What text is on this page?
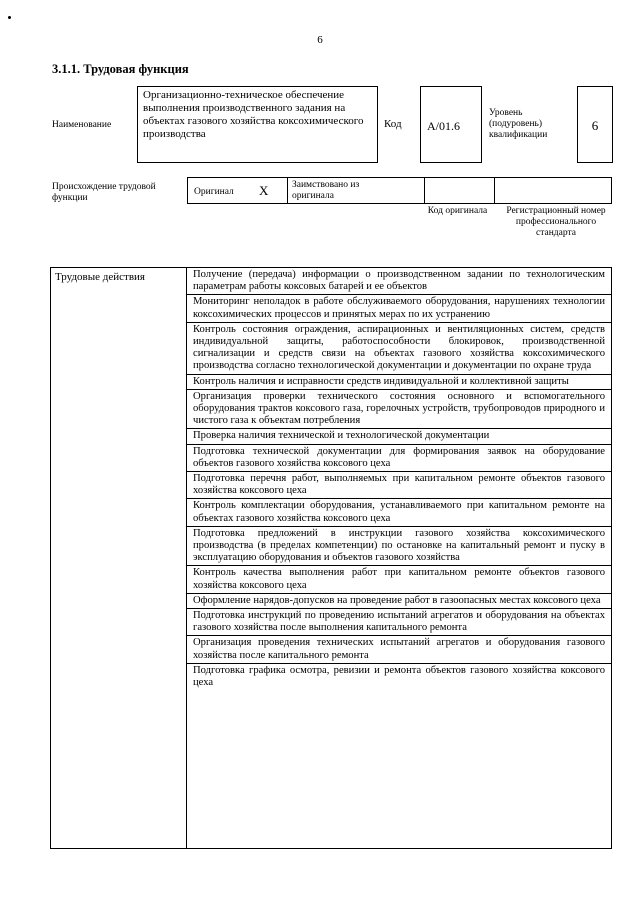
6
3.1.1. Трудовая функция
Наименование
Организационно-техническое обеспечение выполнения производственного задания на объектах газового хозяйства коксохимического производства
Код А/01.6
Уровень (подуровень) квалификации
6
Происхождение трудовой функции
Оригинал Х Заимствовано из оригинала
Код оригинала	Регистрационный номер профессионального стандарта
Трудовые действия	Получение (передача) информации о производственном задании по технологическим параметрам работы коксовых батарей и ее объектов
Мониторинг неполадок в работе обслуживаемого оборудования, нарушениях технологии коксохимических процессов и принятых мерах по их устранению
Контроль состояния ограждения, аспирационных и вентиляционных систем, средств индивидуальной защиты, работоспособности блокировок, производственной сигнализации и средств связи на объектах газового хозяйства коксохимического производства согласно технологической документации и документации по охране труда
Контроль наличия и исправности средств индивидуальной и коллективной защиты
Организация проверки технического состояния основного и вспомогательного оборудования трактов коксового газа, горелочных устройств, трубопроводов природного и чистого газа к объектам потребления
Проверка наличия технической и технологической документации
Подготовка технической документации для формирования заявок на оборудование объектов газового хозяйства коксового цеха
Подготовка перечня работ, выполняемых при капитальном ремонте объектов газового хозяйства коксового цеха
Контроль комплектации оборудования, устанавливаемого при капитальном ремонте на объектах газового хозяйства коксового цеха
Подготовка предложений в инструкции газового хозяйства коксохимического производства (в пределах компетенции) по остановке на капитальный ремонт и пуску в эксплуатацию оборудования и объектов газового хозяйства
Контроль качества выполнения работ при капитальном ремонте объектов газового хозяйства коксового цеха
Оформление нарядов-допусков на проведение работ в газоопасных местах коксового цеха
Подготовка инструкций по проведению испытаний агрегатов и оборудования на объектах газового хозяйства после выполнения капитального ремонта
Организация проведения технических испытаний агрегатов и оборудования газового хозяйства после капитального ремонта
Подготовка графика осмотра, ревизии и ремонта объектов газового хозяйства коксового цеха
